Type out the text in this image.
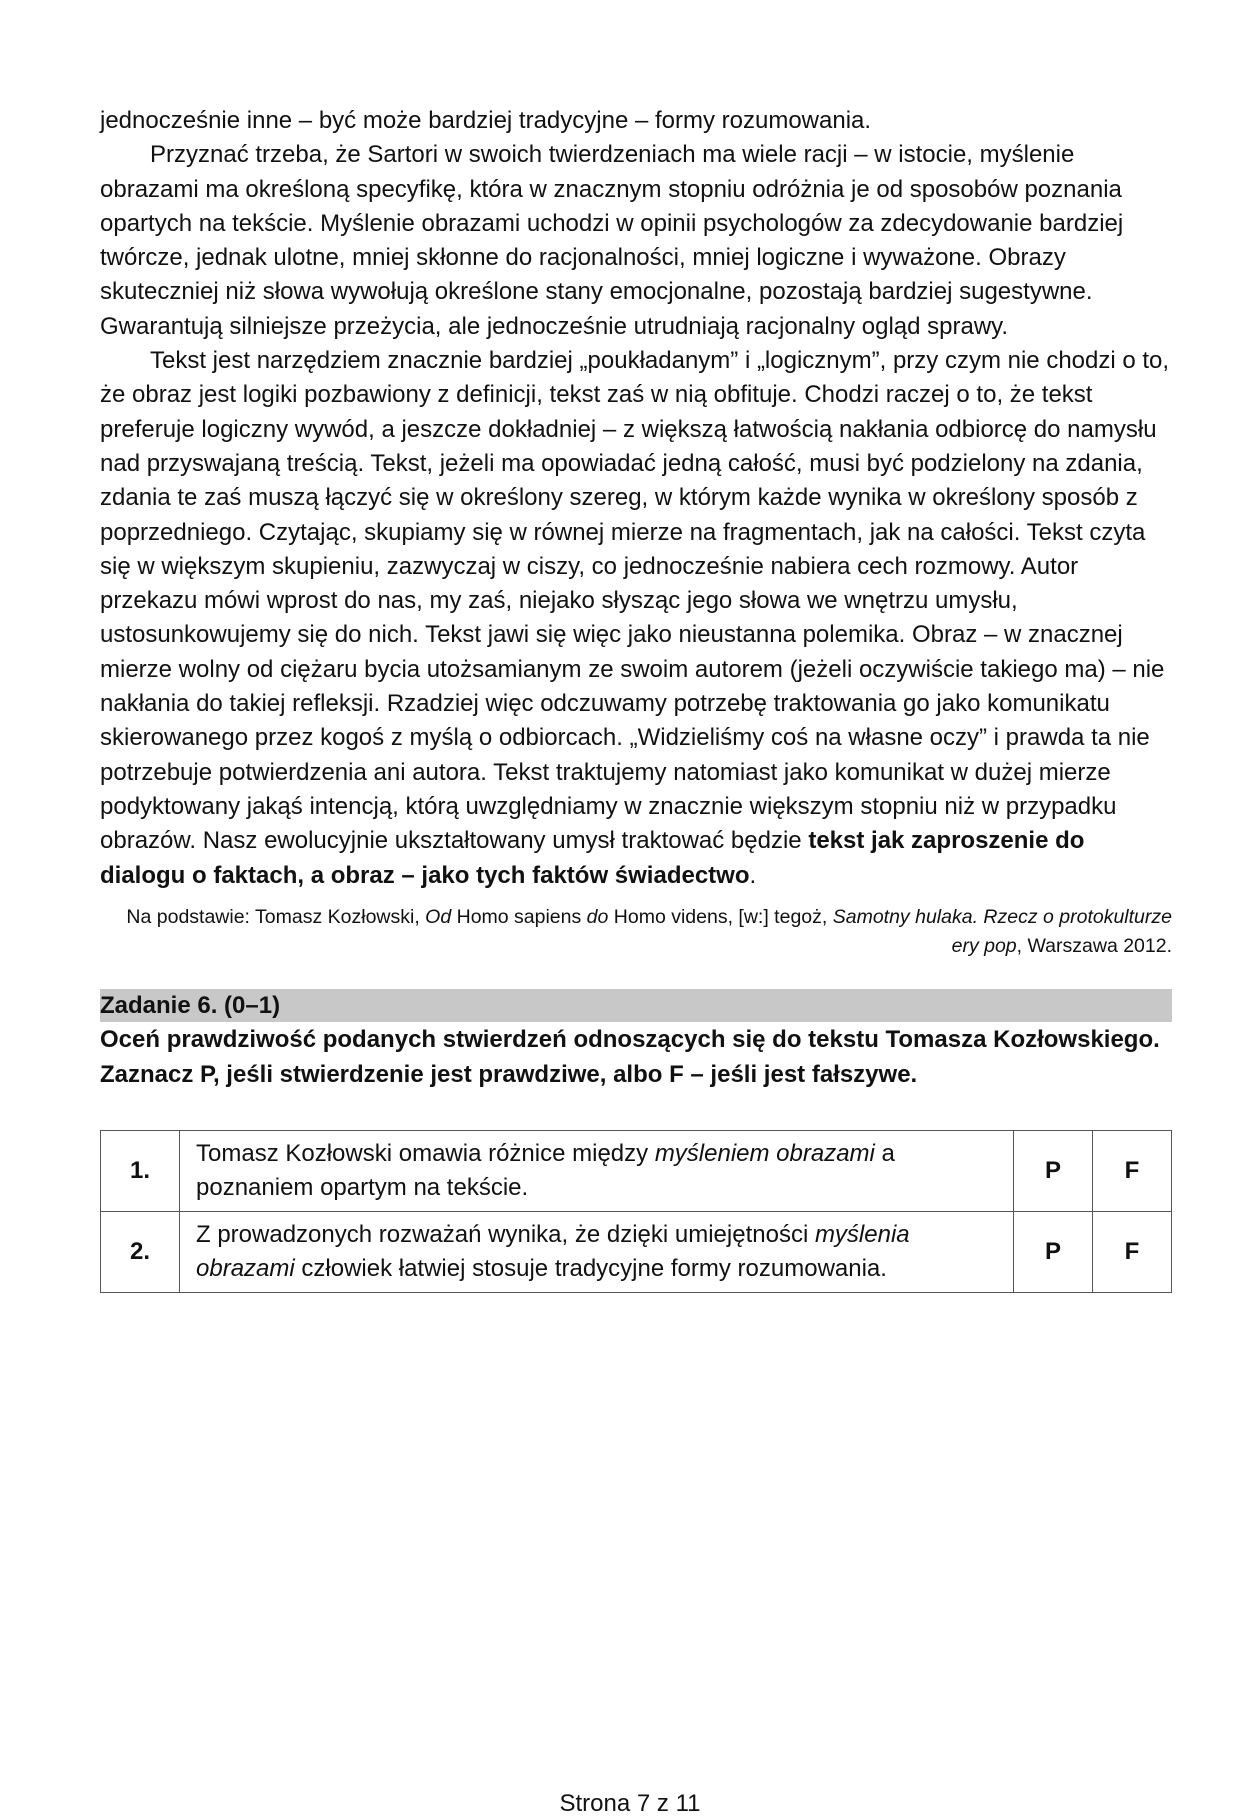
jednocześnie inne – być może bardziej tradycyjne – formy rozumowania.

Przyznać trzeba, że Sartori w swoich twierdzeniach ma wiele racji – w istocie, myślenie obrazami ma określoną specyfikę, która w znacznym stopniu odróżnia je od sposobów poznania opartych na tekście. Myślenie obrazami uchodzi w opinii psychologów za zdecydowanie bardziej twórcze, jednak ulotne, mniej skłonne do racjonalności, mniej logiczne i wyważone. Obrazy skuteczniej niż słowa wywołują określone stany emocjonalne, pozostają bardziej sugestywne. Gwarantują silniejsze przeżycia, ale jednocześnie utrudniają racjonalny ogląd sprawy.

Tekst jest narzędziem znacznie bardziej „poukładanym” i „logicznym”, przy czym nie chodzi o to, że obraz jest logiki pozbawiony z definicji, tekst zaś w nią obfituje. Chodzi raczej o to, że tekst preferuje logiczny wywód, a jeszcze dokładniej – z większą łatwością nakłania odbiorcę do namysłu nad przyswajaną treścią. Tekst, jeżeli ma opowiadać jedną całość, musi być podzielony na zdania, zdania te zaś muszą łączyć się w określony szereg, w którym każde wynika w określony sposób z poprzedniego. Czytając, skupiamy się w równej mierze na fragmentach, jak na całości. Tekst czyta się w większym skupieniu, zazwyczaj w ciszy, co jednocześnie nabiera cech rozmowy. Autor przekazu mówi wprost do nas, my zaś, niejako słysząc jego słowa we wnętrzu umysłu, ustosunkowujemy się do nich. Tekst jawi się więc jako nieustanna polemika. Obraz – w znacznej mierze wolny od ciężaru bycia utożsamianym ze swoim autorem (jeżeli oczywiście takiego ma) – nie nakłania do takiej refleksji. Rzadziej więc odczuwamy potrzebę traktowania go jako komunikatu skierowanego przez kogoś z myślą o odbiorcach. „Widzieliśmy coś na własne oczy” i prawda ta nie potrzebuje potwierdzenia ani autora. Tekst traktujemy natomiast jako komunikat w dużej mierze podyktowany jakąś intencją, którą uwzględniamy w znacznie większym stopniu niż w przypadku obrazów. Nasz ewolucyjnie ukształtowany umysł traktować będzie tekst jak zaproszenie do dialogu o faktach, a obraz – jako tych faktów świadectwo.

Na podstawie: Tomasz Kozłowski, Od Homo sapiens do Homo videns, [w:] tegoż, Samotny hulaka. Rzecz o protokulturze ery pop, Warszawa 2012.
Zadanie 6. (0–1)
Oceń prawdziwość podanych stwierdzeń odnoszących się do tekstu Tomasza Kozłowskiego. Zaznacz P, jeśli stwierdzenie jest prawdziwe, albo F – jeśli jest fałszywe.
1.	Tomasz Kozłowski omawia różnice między myśleniem obrazami a poznaniem opartym na tekście.	P	F
2.	Z prowadzonych rozważań wynika, że dzięki umiejętności myślenia obrazami człowiek łatwiej stosuje tradycyjne formy rozumowania.	P	F
Strona 7 z 11
